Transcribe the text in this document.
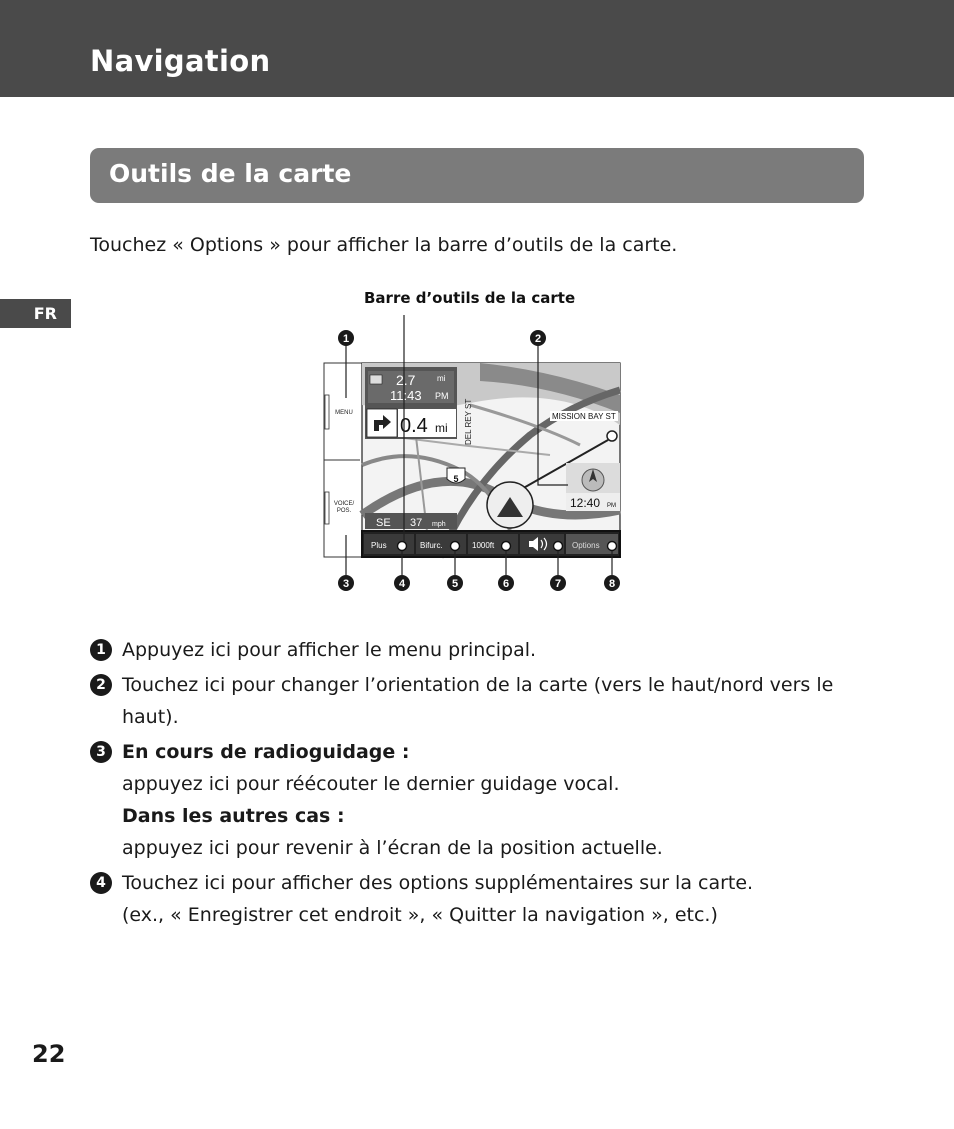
Navigation
Outils de la carte
Touchez « Options » pour afficher la barre d’outils de la carte.
FR
Barre d’outils de la carte
MENU
VOICE/ POS.
2.7	mi
11:43 PM
0.4 mi DEL REY ST	MISSION BAY ST
5
12:40 PM
SE 37 mph
Plus	Bifurc.	1000ft	Options
1	2
3	4	5	6	7	8
1 Appuyez ici pour afficher le menu principal.
2 Touchez ici pour changer l’orientation de la carte (vers le haut/nord vers le
haut).
3 En cours de radioguidage :
appuyez ici pour réécouter le dernier guidage vocal.
Dans les autres cas :
appuyez ici pour revenir à l’écran de la position actuelle.
4 Touchez ici pour afficher des options supplémentaires sur la carte.
(ex., « Enregistrer cet endroit », « Quitter la navigation », etc.)
22
